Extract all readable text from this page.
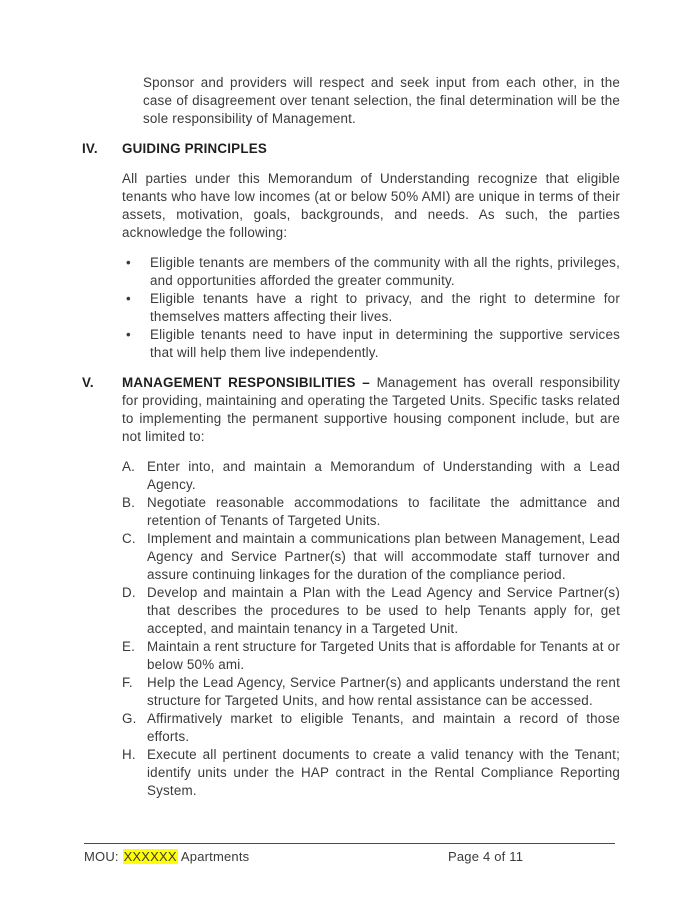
Sponsor and providers will respect and seek input from each other, in the case of disagreement over tenant selection, the final determination will be the sole responsibility of Management.

IV. GUIDING PRINCIPLES

All parties under this Memorandum of Understanding recognize that eligible tenants who have low incomes (at or below 50% AMI) are unique in terms of their assets, motivation, goals, backgrounds, and needs. As such, the parties acknowledge the following:

• Eligible tenants are members of the community with all the rights, privileges, and opportunities afforded the greater community.
• Eligible tenants have a right to privacy, and the right to determine for themselves matters affecting their lives.
• Eligible tenants need to have input in determining the supportive services that will help them live independently.
V. MANAGEMENT RESPONSIBILITIES – Management has overall responsibility for providing, maintaining and operating the Targeted Units. Specific tasks related to implementing the permanent supportive housing component include, but are not limited to:
A. Enter into, and maintain a Memorandum of Understanding with a Lead Agency.
B. Negotiate reasonable accommodations to facilitate the admittance and retention of Tenants of Targeted Units.
C. Implement and maintain a communications plan between Management, Lead Agency and Service Partner(s) that will accommodate staff turnover and assure continuing linkages for the duration of the compliance period.
D. Develop and maintain a Plan with the Lead Agency and Service Partner(s) that describes the procedures to be used to help Tenants apply for, get accepted, and maintain tenancy in a Targeted Unit.
E. Maintain a rent structure for Targeted Units that is affordable for Tenants at or below 50% ami.
F. Help the Lead Agency, Service Partner(s) and applicants understand the rent structure for Targeted Units, and how rental assistance can be accessed.
G. Affirmatively market to eligible Tenants, and maintain a record of those efforts.
H. Execute all pertinent documents to create a valid tenancy with the Tenant; identify units under the HAP contract in the Rental Compliance Reporting System.
MOU: XXXXXX Apartments	Page 4 of 11
